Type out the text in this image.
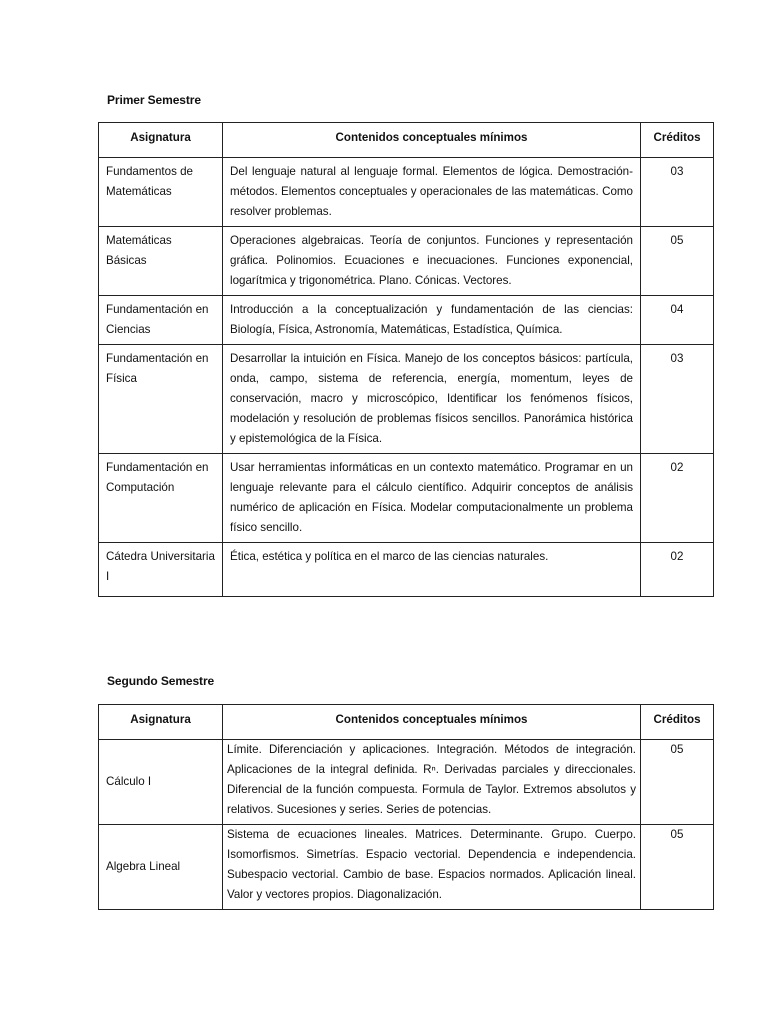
Primer Semestre
Asignatura	Contenidos conceptuales mínimos	Créditos
Fundamentos de Matemáticas	Del lenguaje natural al lenguaje formal. Elementos de lógica. Demostración-métodos. Elementos conceptuales y operacionales de las matemáticas. Como resolver problemas.	03
Matemáticas Básicas	Operaciones algebraicas. Teoría de conjuntos. Funciones y representación gráfica. Polinomios. Ecuaciones e inecuaciones. Funciones exponencial, logarítmica y trigonométrica. Plano. Cónicas. Vectores.	05
Fundamentación en Ciencias	Introducción a la conceptualización y fundamentación de las ciencias: Biología, Física, Astronomía, Matemáticas, Estadística, Química.	04
Fundamentación en Física	Desarrollar la intuición en Física. Manejo de los conceptos básicos: partícula, onda, campo, sistema de referencia, energía, momentum, leyes de conservación, macro y microscópico, Identificar los fenómenos físicos, modelación y resolución de problemas físicos sencillos. Panorámica histórica y epistemológica de la Física.	03
Fundamentación en Computación	Usar herramientas informáticas en un contexto matemático. Programar en un lenguaje relevante para el cálculo científico. Adquirir conceptos de análisis numérico de aplicación en Física. Modelar computacionalmente un problema físico sencillo.	02
Cátedra Universitaria I	Ética, estética y política en el marco de las ciencias naturales.	02
Segundo Semestre
Asignatura	Contenidos conceptuales mínimos	Créditos
Cálculo I	Límite. Diferenciación y aplicaciones. Integración. Métodos de integración. Aplicaciones de la integral definida. Rⁿ. Derivadas parciales y direccionales. Diferencial de la función compuesta. Formula de Taylor. Extremos absolutos y relativos. Sucesiones y series. Series de potencias.	05
Algebra Lineal	Sistema de ecuaciones lineales. Matrices. Determinante. Grupo. Cuerpo. Isomorfismos. Simetrías. Espacio vectorial. Dependencia e independencia. Subespacio vectorial. Cambio de base. Espacios normados. Aplicación lineal. Valor y vectores propios. Diagonalización.	05
